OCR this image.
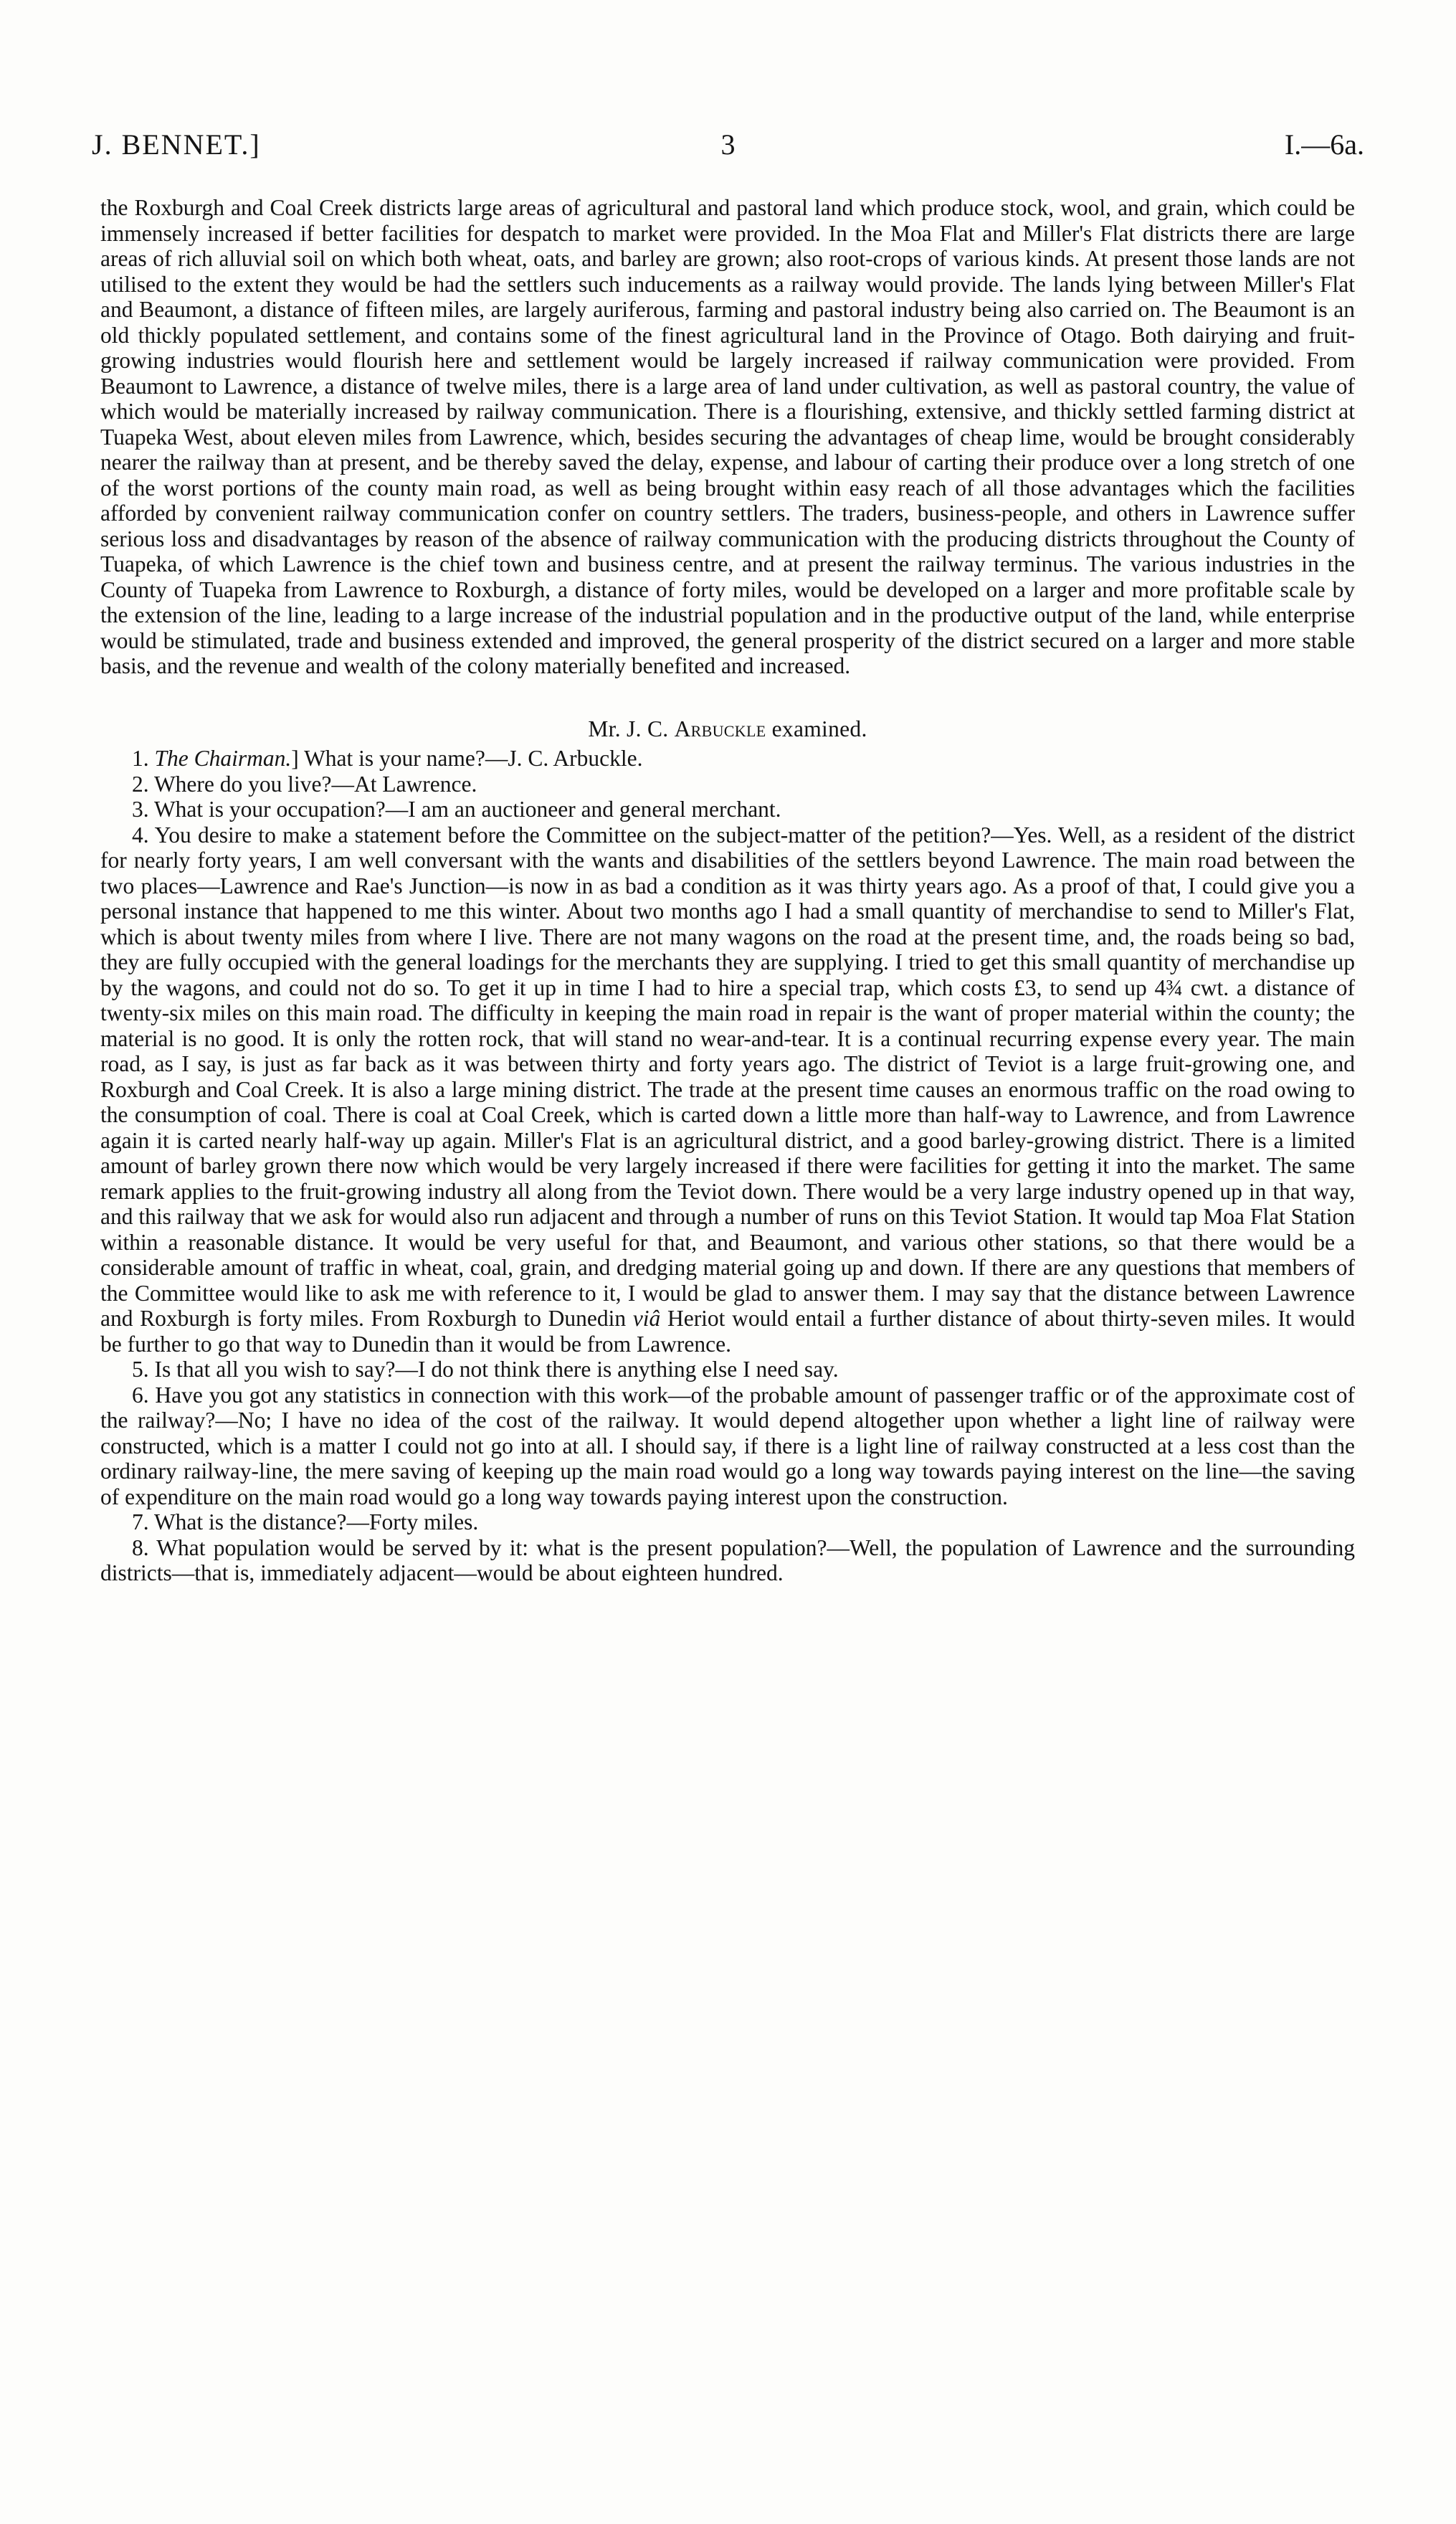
J. BENNET.]	3	I.—6a.

the Roxburgh and Coal Creek districts large areas of agricultural and pastoral land which produce stock, wool, and grain, which could be immensely increased if better facilities for despatch to market were provided. In the Moa Flat and Miller's Flat districts there are large areas of rich alluvial soil on which both wheat, oats, and barley are grown; also root-crops of various kinds. At present those lands are not utilised to the extent they would be had the settlers such inducements as a railway would provide. The lands lying between Miller's Flat and Beaumont, a distance of fifteen miles, are largely auriferous, farming and pastoral industry being also carried on. The Beaumont is an old thickly populated settlement, and contains some of the finest agricultural land in the Province of Otago. Both dairying and fruit-growing industries would flourish here and settlement would be largely increased if railway communication were provided. From Beaumont to Lawrence, a distance of twelve miles, there is a large area of land under cultivation, as well as pastoral country, the value of which would be materially increased by railway communication. There is a flourishing, extensive, and thickly settled farming district at Tuapeka West, about eleven miles from Lawrence, which, besides securing the advantages of cheap lime, would be brought considerably nearer the railway than at present, and be thereby saved the delay, expense, and labour of carting their produce over a long stretch of one of the worst portions of the county main road, as well as being brought within easy reach of all those advantages which the facilities afforded by convenient railway communication confer on country settlers. The traders, business-people, and others in Lawrence suffer serious loss and disadvantages by reason of the absence of railway communication with the producing districts throughout the County of Tuapeka, of which Lawrence is the chief town and business centre, and at present the railway terminus. The various industries in the County of Tuapeka from Lawrence to Roxburgh, a distance of forty miles, would be developed on a larger and more profitable scale by the extension of the line, leading to a large increase of the industrial population and in the productive output of the land, while enterprise would be stimulated, trade and business extended and improved, the general prosperity of the district secured on a larger and more stable basis, and the revenue and wealth of the colony materially benefited and increased.

Mr. J. C. Arbuckle examined.

1. The Chairman.] What is your name?—J. C. Arbuckle.

2. Where do you live?—At Lawrence.

3. What is your occupation?—I am an auctioneer and general merchant.

4. You desire to make a statement before the Committee on the subject-matter of the petition?—Yes. Well, as a resident of the district for nearly forty years, I am well conversant with the wants and disabilities of the settlers beyond Lawrence. The main road between the two places—Lawrence and Rae's Junction—is now in as bad a condition as it was thirty years ago. As a proof of that, I could give you a personal instance that happened to me this winter. About two months ago I had a small quantity of merchandise to send to Miller's Flat, which is about twenty miles from where I live. There are not many wagons on the road at the present time, and, the roads being so bad, they are fully occupied with the general loadings for the merchants they are supplying. I tried to get this small quantity of merchandise up by the wagons, and could not do so. To get it up in time I had to hire a special trap, which costs £3, to send up 4¾ cwt. a distance of twenty-six miles on this main road. The difficulty in keeping the main road in repair is the want of proper material within the county; the material is no good. It is only the rotten rock, that will stand no wear-and-tear. It is a continual recurring expense every year. The main road, as I say, is just as far back as it was between thirty and forty years ago. The district of Teviot is a large fruit-growing one, and Roxburgh and Coal Creek. It is also a large mining district. The trade at the present time causes an enormous traffic on the road owing to the consumption of coal. There is coal at Coal Creek, which is carted down a little more than half-way to Lawrence, and from Lawrence again it is carted nearly half-way up again. Miller's Flat is an agricultural district, and a good barley-growing district. There is a limited amount of barley grown there now which would be very largely increased if there were facilities for getting it into the market. The same remark applies to the fruit-growing industry all along from the Teviot down. There would be a very large industry opened up in that way, and this railway that we ask for would also run adjacent and through a number of runs on this Teviot Station. It would tap Moa Flat Station within a reasonable distance. It would be very useful for that, and Beaumont, and various other stations, so that there would be a considerable amount of traffic in wheat, coal, grain, and dredging material going up and down. If there are any questions that members of the Committee would like to ask me with reference to it, I would be glad to answer them. I may say that the distance between Lawrence and Roxburgh is forty miles. From Roxburgh to Dunedin viâ Heriot would entail a further distance of about thirty-seven miles. It would be further to go that way to Dunedin than it would be from Lawrence.

5. Is that all you wish to say?—I do not think there is anything else I need say.

6. Have you got any statistics in connection with this work—of the probable amount of passenger traffic or of the approximate cost of the railway?—No; I have no idea of the cost of the railway. It would depend altogether upon whether a light line of railway were constructed, which is a matter I could not go into at all. I should say, if there is a light line of railway constructed at a less cost than the ordinary railway-line, the mere saving of keeping up the main road would go a long way towards paying interest on the line—the saving of expenditure on the main road would go a long way towards paying interest upon the construction.

7. What is the distance?—Forty miles.

8. What population would be served by it: what is the present population?—Well, the population of Lawrence and the surrounding districts—that is, immediately adjacent—would be about eighteen hundred.
